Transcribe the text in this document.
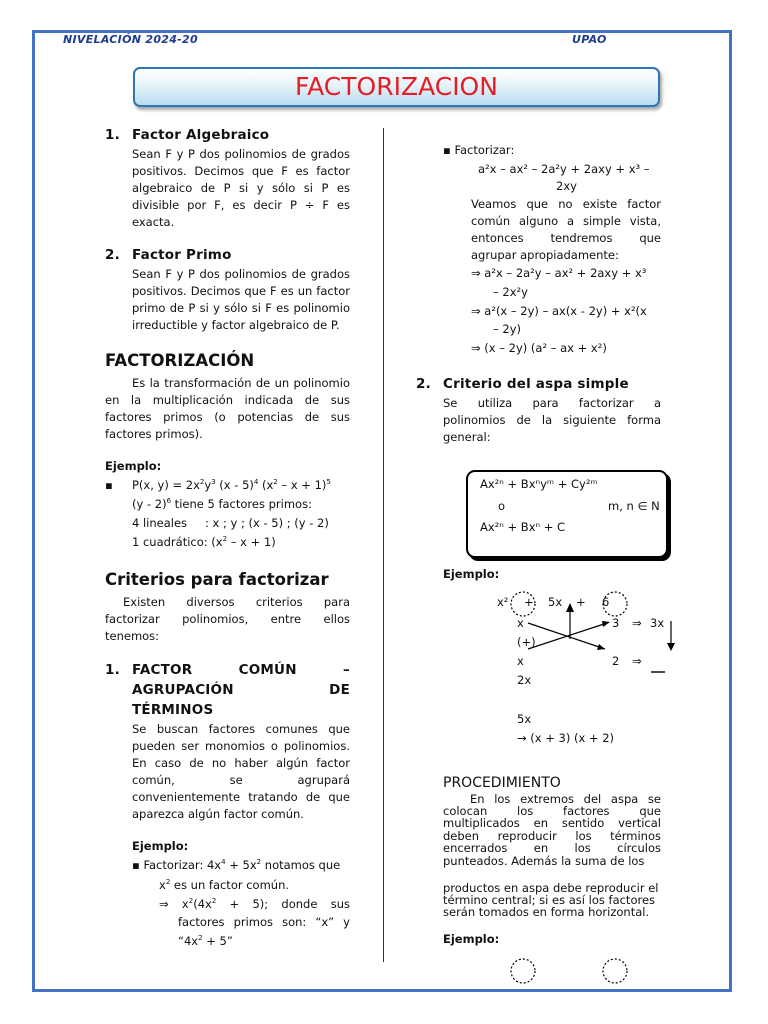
NIVELACIÓN 2024-20	UPAO
FACTORIZACION
1. Factor Algebraico
Sean F y P dos polinomios de grados
positivos. Decimos que F es factor
algebraico de P si y sólo si P es
divisible por F, es decir P ÷ F es
exacta.
2. Factor Primo
Sean F y P dos polinomios de grados
positivos. Decimos que F es un factor
primo de P si y sólo si F es polinomio
irreductible y factor algebraico de P.
FACTORIZACIÓN
Es la transformación de un polinomio
en la multiplicación indicada de sus
factores primos (o potencias de sus
factores primos).
Ejemplo:
▪ P(x, $y) = 2x^2y^3$ (x - 5)$^4$ $(x^2 - x + 1)^5$
(y - 2)$^6$ tiene 5 factores primos:
4 lineales : x ; y ; (x - 5) ; (y - 2)
1 cuadrático: $(x^2 - x + 1)$
Criterios para factorizar
Existen diversos criterios para
factorizar polinomios, entre ellos
tenemos:
1. FACTOR COMÚN –
AGRUPACIÓN DE
TÉRMINOS
Se buscan factores comunes que
pueden ser monomios o polinomios.
En caso de no haber algún factor
común, se agrupará
convenientemente tratando de que
aparezca algún factor común.
Ejemplo:
▪ Factorizar: $4x^4 + 5x^2$ notamos que
$x^2$ es un factor común.
⇒ $x^2(4x^2 + 5)$; donde sus
factores primos son: “x” y
“$4x^2 + 5$”
▪ Factorizar:
a²x – ax² – 2a²y + 2axy + x³ –
2xy
Veamos que no existe factor
común alguno a simple vista,
entonces tendremos que
agrupar apropiadamente:
⇒ a²x – 2a²y – ax² + 2axy + x³
– 2x²y
⇒ a²(x – 2y) – ax(x - 2y) + x²(x
– 2y)
⇒ (x – 2y) (a² – ax + x²)
2. Criterio del aspa simple
Se utiliza para factorizar a
polinomios de la siguiente forma
general:
Ax²ⁿ + Bxⁿyᵐ + Cy²ᵐ
o	m, n ∈ N
Ax²ⁿ + Bxⁿ + C
Ejemplo:
x² + 5x + 6
x	3 ⇒ 3x
(+)
x	2 ⇒
2x
5x
→ (x + 3) (x + 2)
PROCEDIMIENTO
En los extremos del aspa se
colocan los factores que
multiplicados en sentido vertical
deben reproducir los términos
encerrados en los círculos
punteados. Además la suma de los
productos en aspa debe reproducir el
término central; si es así los factores
serán tomados en forma horizontal.
Ejemplo:
